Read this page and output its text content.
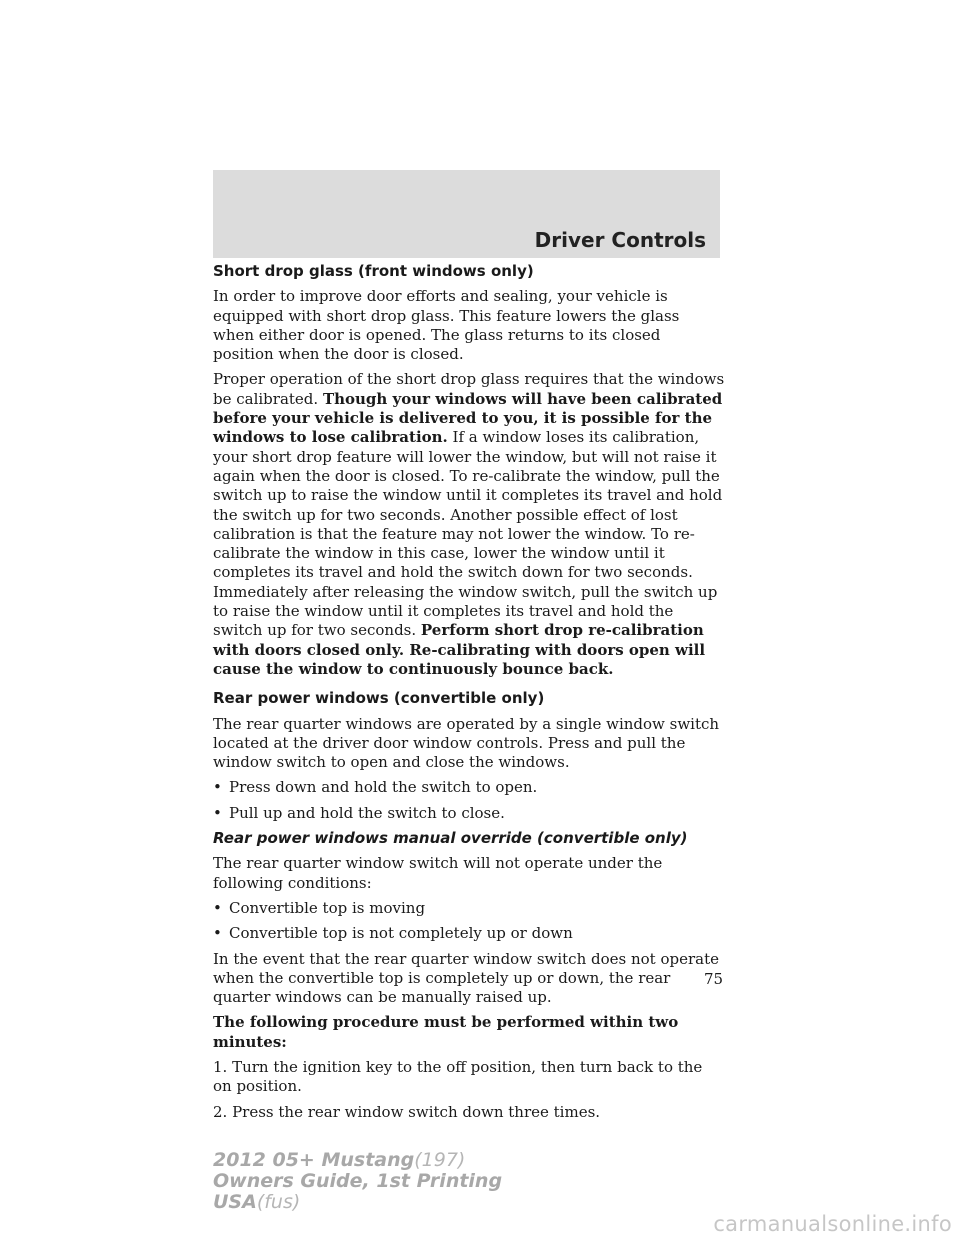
Driver Controls
Short drop glass (front windows only)

In order to improve door efforts and sealing, your vehicle is equipped with short drop glass. This feature lowers the glass when either door is opened. The glass returns to its closed position when the door is closed.

Proper operation of the short drop glass requires that the windows be calibrated. Though your windows will have been calibrated before your vehicle is delivered to you, it is possible for the windows to lose calibration. If a window loses its calibration, your short drop feature will lower the window, but will not raise it again when the door is closed. To re-calibrate the window, pull the switch up to raise the window until it completes its travel and hold the switch up for two seconds. Another possible effect of lost calibration is that the feature may not lower the window. To re-calibrate the window in this case, lower the window until it completes its travel and hold the switch down for two seconds. Immediately after releasing the window switch, pull the switch up to raise the window until it completes its travel and hold the switch up for two seconds. Perform short drop re-calibration with doors closed only. Re-calibrating with doors open will cause the window to continuously bounce back.

Rear power windows (convertible only)

The rear quarter windows are operated by a single window switch located at the driver door window controls. Press and pull the window switch to open and close the windows.

• Press down and hold the switch to open.
• Pull up and hold the switch to close.
Rear power windows manual override (convertible only)

The rear quarter window switch will not operate under the following conditions:

• Convertible top is moving
• Convertible top is not completely up or down

In the event that the rear quarter window switch does not operate when the convertible top is completely up or down, the rear quarter windows can be manually raised up.

The following procedure must be performed within two minutes:

1. Turn the ignition key to the off position, then turn back to the on position.

2. Press the rear window switch down three times.

75
2012 05+ Mustang(197)
Owners Guide, 1st Printing
USA(fus)
carmanualsonline.info
